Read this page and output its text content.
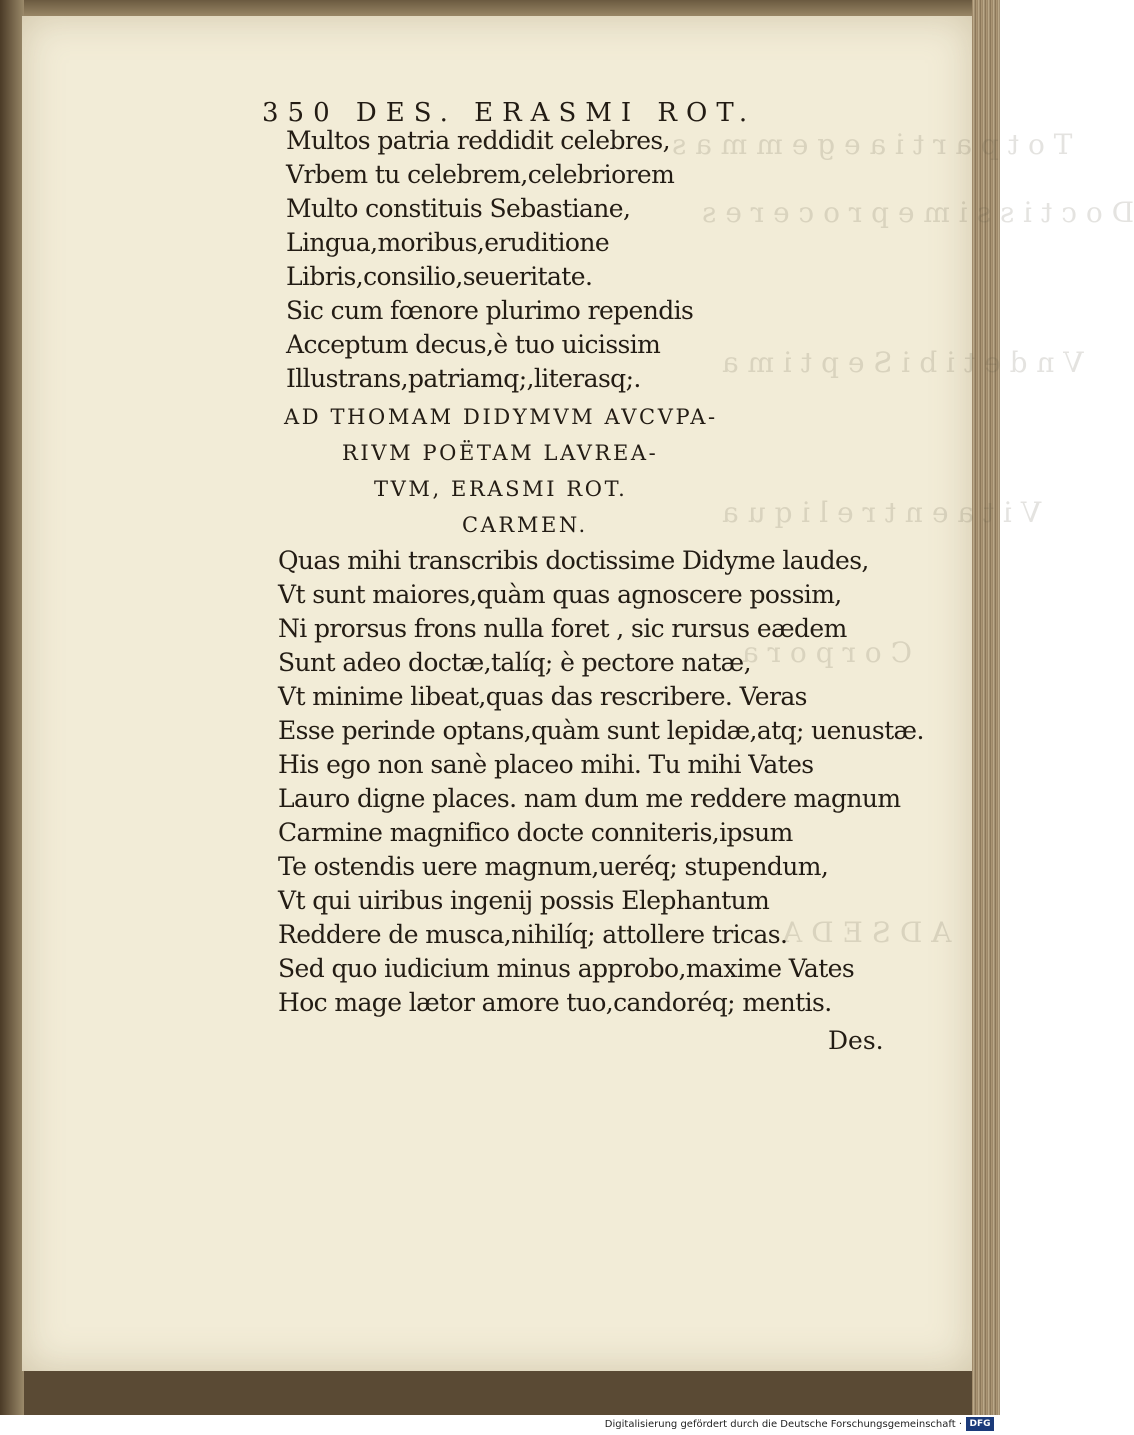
T o t p a r t i a e g e m m a s
D o c t i s s i m e p r o c e r e s
V n d e t i b i S e p t i m a
V i t a e n t r e l i q u a
C o r p o r a
A D S E D A
350 DES. ERASMI ROT.
Multos patria reddidit celebres,
Vrbem tu celebrem,celebriorem
Multo constituis Sebastiane,
Lingua,moribus,eruditione
Libris,consilio,seueritate.
Sic cum fœnore plurimo rependis
Acceptum decus,è tuo uicissim
Illustrans,patriamq;,literasq;.
AD THOMAM DIDYMVM AVCVPA-
RIVM POËTAM LAVREA-
TVM, ERASMI ROT.
CARMEN.
Quas mihi transcribis doctissime Didyme laudes,
Vt sunt maiores,quàm quas agnoscere possim,
Ni prorsus frons nulla foret , sic rursus eædem
Sunt adeo doctæ,talíq; è pectore natæ,
Vt minime libeat,quas das rescribere. Veras
Esse perinde optans,quàm sunt lepidæ,atq; uenustæ.
His ego non sanè placeo mihi. Tu mihi Vates
Lauro digne places. nam dum me reddere magnum
Carmine magnifico docte conniteris,ipsum
Te ostendis uere magnum,ueréq; stupendum,
Vt qui uiribus ingenij possis Elephantum
Reddere de musca,nihilíq; attollere tricas.
Sed quo iudicium minus approbo,maxime Vates
Hoc mage lætor amore tuo,candoréq; mentis.
Des.
Digitalisierung gefördert durch die Deutsche Forschungsgemeinschaft · DFG
